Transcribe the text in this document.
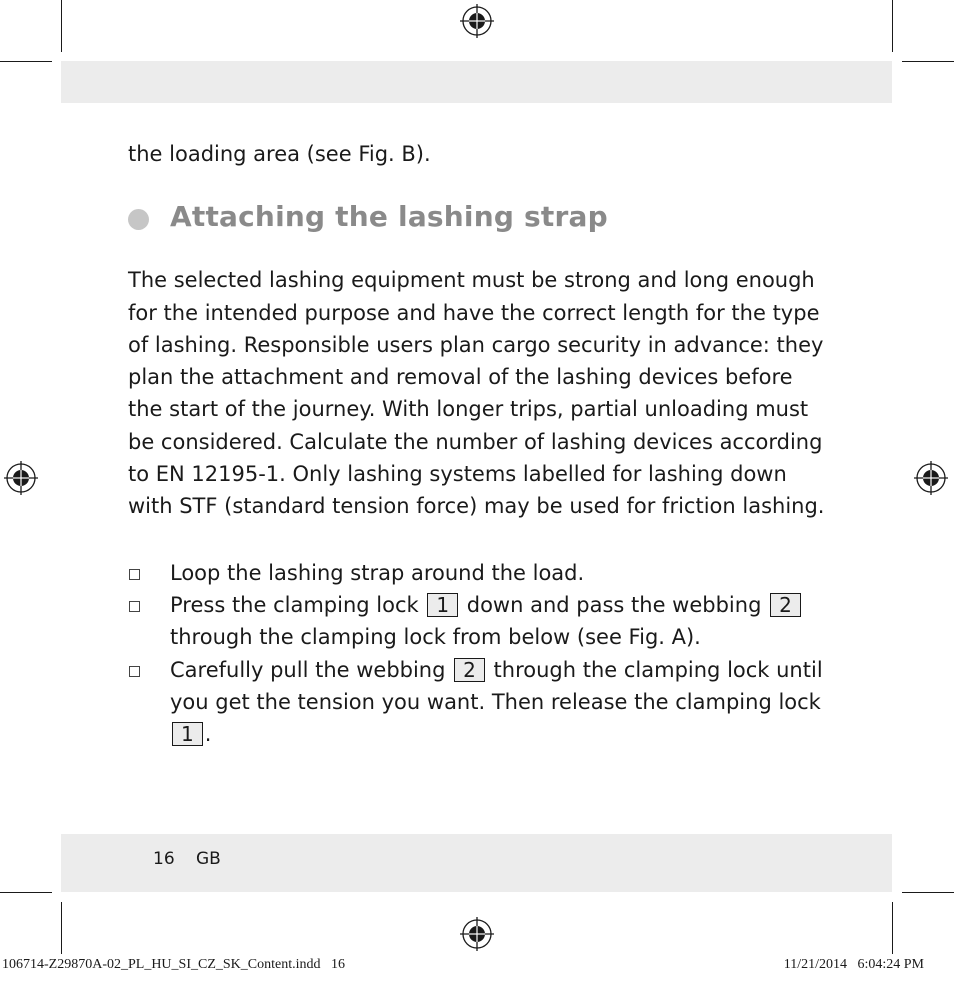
the loading area (see Fig. B).

Attaching the lashing strap

The selected lashing equipment must be strong and long enough for the intended purpose and have the correct length for the type of lashing. Responsible users plan cargo security in advance: they plan the attachment and removal of the lashing devices before the start of the journey. With longer trips, partial unloading must be considered. Calculate the number of lashing devices according to EN 12195-1. Only lashing systems labelled for lashing down with STF (standard tension force) may be used for friction lashing.

Loop the lashing strap around the load.
Press the clamping lock 1 down and pass the webbing 2 through the clamping lock from below (see Fig. A).
Carefully pull the webbing 2 through the clamping lock until you get the tension you want. Then release the clamping lock 1 .
16 GB
106714-Z29870A-02_PL_HU_SI_CZ_SK_Content.indd   16	11/21/2014   6:04:24 PM
